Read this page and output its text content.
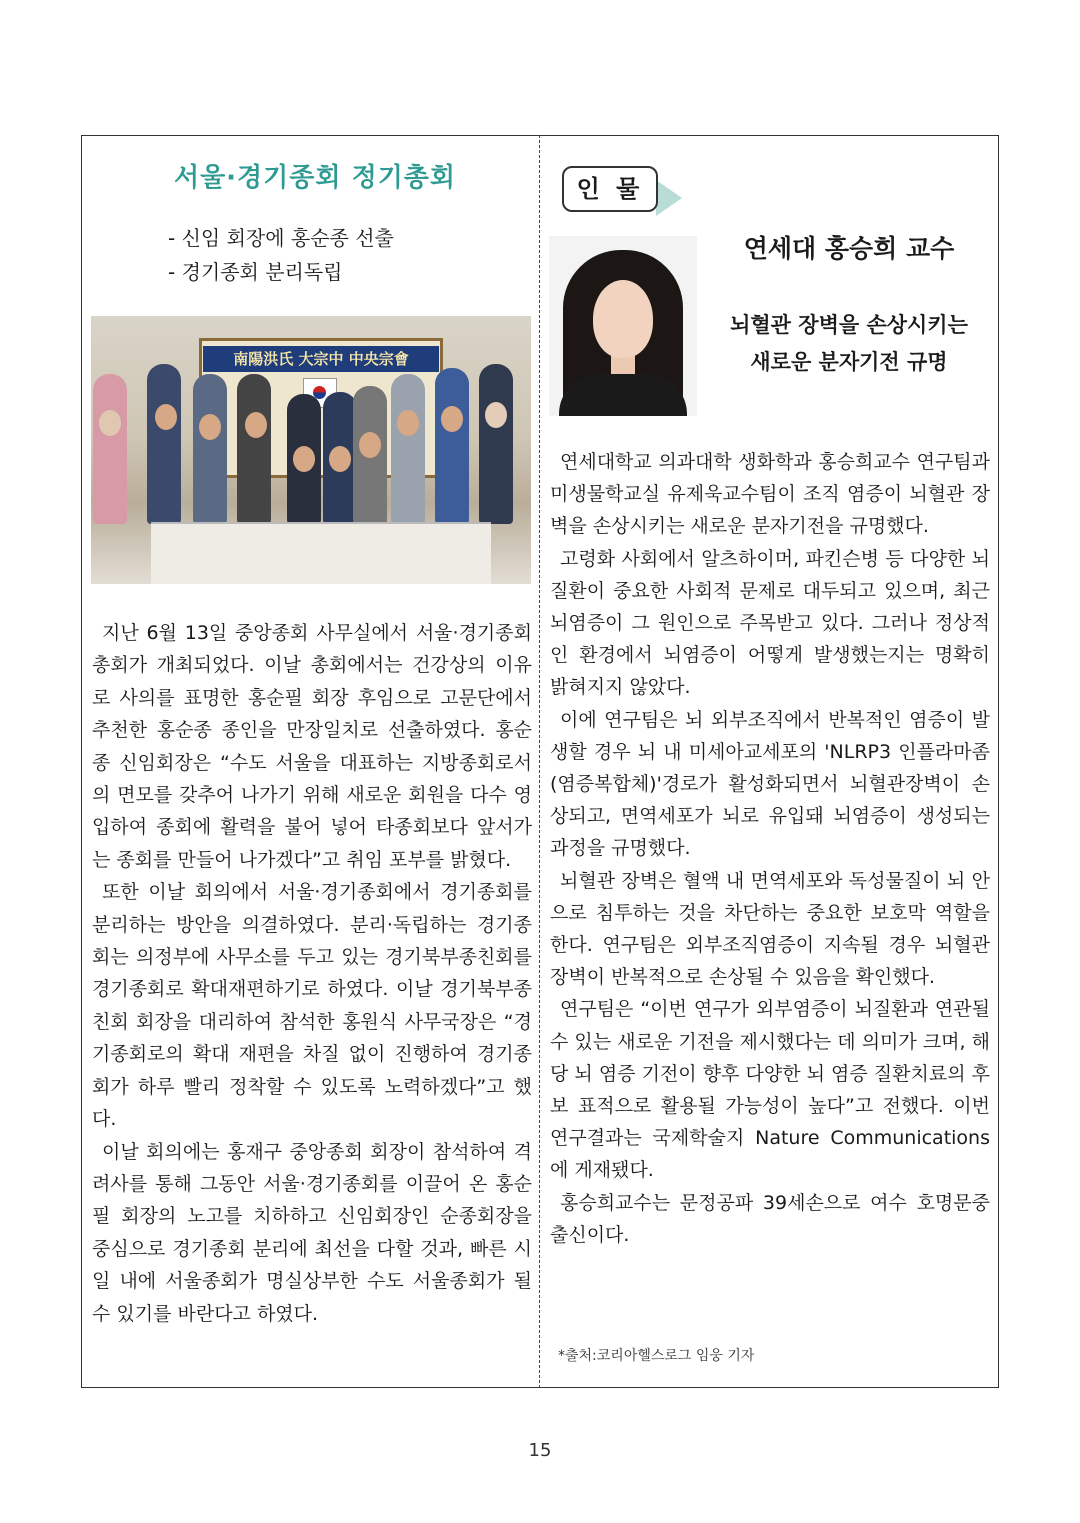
서울·경기종회 정기총회
- 신임 회장에 홍순종 선출
- 경기종회 분리독립
南陽洪氏 大宗中 中央宗會

지난 6월 13일 중앙종회 사무실에서 서울·경기종회총회가 개최되었다. 이날 총회에서는 건강상의 이유로 사의를 표명한 홍순필 회장 후임으로 고문단에서 추천한 홍순종 종인을 만장일치로 선출하였다. 홍순종 신임회장은 “수도 서울을 대표하는 지방종회로서의 면모를 갖추어 나가기 위해 새로운 회원을 다수 영입하여 종회에 활력을 불어 넣어 타종회보다 앞서가는 종회를 만들어 나가겠다”고 취임 포부를 밝혔다.

또한 이날 회의에서 서울·경기종회에서 경기종회를 분리하는 방안을 의결하였다. 분리·독립하는 경기종회는 의정부에 사무소를 두고 있는 경기북부종친회를 경기종회로 확대재편하기로 하였다. 이날 경기북부종친회 회장을 대리하여 참석한 홍원식 사무국장은 “경기종회로의 확대 재편을 차질 없이 진행하여 경기종회가 하루 빨리 정착할 수 있도록 노력하겠다”고 했다.

이날 회의에는 홍재구 중앙종회 회장이 참석하여 격려사를 통해 그동안 서울·경기종회를 이끌어 온 홍순필 회장의 노고를 치하하고 신임회장인 순종회장을 중심으로 경기종회 분리에 최선을 다할 것과, 빠른 시일 내에 서울종회가 명실상부한 수도 서울종회가 될 수 있기를 바란다고 하였다.

인 물
연세대 홍승희 교수
뇌혈관 장벽을 손상시키는
새로운 분자기전 규명

연세대학교 의과대학 생화학과 홍승희교수 연구팀과 미생물학교실 유제욱교수팀이 조직 염증이 뇌혈관 장벽을 손상시키는 새로운 분자기전을 규명했다.

고령화 사회에서 알츠하이머, 파킨슨병 등 다양한 뇌질환이 중요한 사회적 문제로 대두되고 있으며, 최근 뇌염증이 그 원인으로 주목받고 있다. 그러나 정상적인 환경에서 뇌염증이 어떻게 발생했는지는 명확히 밝혀지지 않았다.

이에 연구팀은 뇌 외부조직에서 반복적인 염증이 발생할 경우 뇌 내 미세아교세포의 'NLRP3 인플라마좀(염증복합체)'경로가 활성화되면서 뇌혈관장벽이 손상되고, 면역세포가 뇌로 유입돼 뇌염증이 생성되는 과정을 규명했다.

뇌혈관 장벽은 혈액 내 면역세포와 독성물질이 뇌 안으로 침투하는 것을 차단하는 중요한 보호막 역할을 한다. 연구팀은 외부조직염증이 지속될 경우 뇌혈관장벽이 반복적으로 손상될 수 있음을 확인했다.

연구팀은 “이번 연구가 외부염증이 뇌질환과 연관될 수 있는 새로운 기전을 제시했다는 데 의미가 크며, 해당 뇌 염증 기전이 향후 다양한 뇌 염증 질환치료의 후보 표적으로 활용될 가능성이 높다”고 전했다. 이번 연구결과는 국제학술지 Nature Communications에 게재됐다.

홍승희교수는 문정공파 39세손으로 여수 호명문중 출신이다.

*출처:코리아헬스로그 임웅 기자
15
